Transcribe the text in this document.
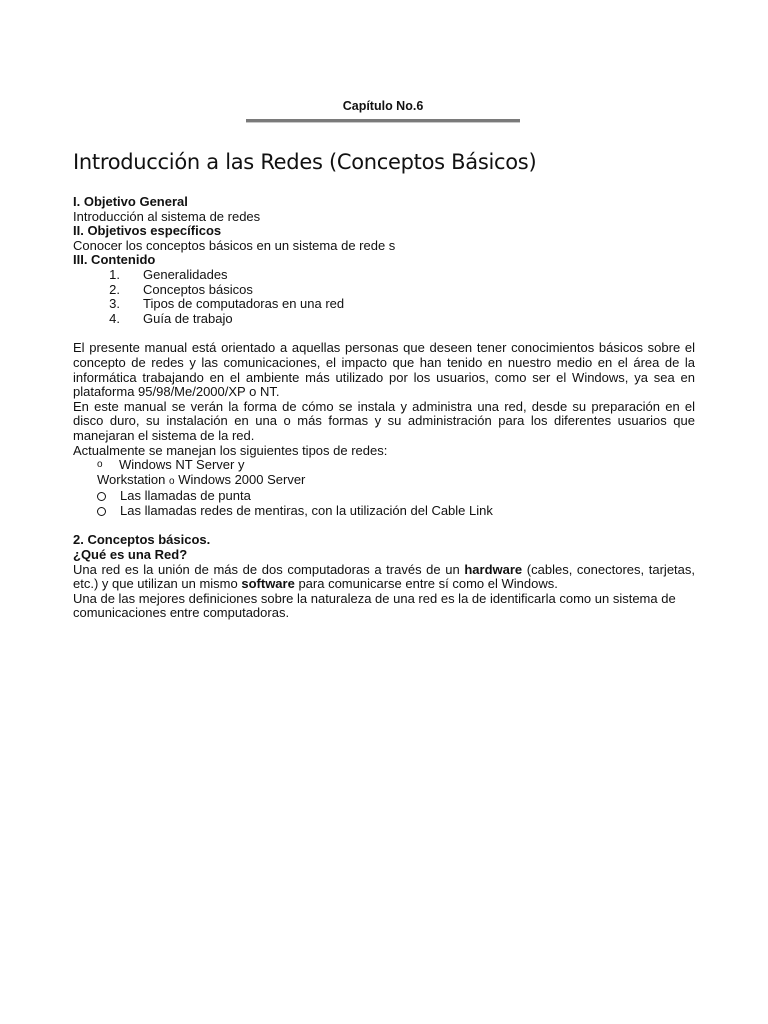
Capítulo No.6
Introducción a las Redes (Conceptos Básicos)
I. Objetivo General
Introducción al sistema de redes
II. Objetivos específicos
Conocer los conceptos básicos en un sistema de rede s
III. Contenido
1. Generalidades
2. Conceptos básicos
3. Tipos de computadoras en una red
4. Guía de trabajo

El presente manual está orientado a aquellas personas que deseen tener conocimientos básicos sobre el concepto de redes y las comunicaciones, el impacto que han tenido en nuestro medio en el área de la informática trabajando en el ambiente más utilizado por los usuarios, como ser el Windows, ya sea en plataforma 95/98/Me/2000/XP o NT.

En este manual se verán la forma de cómo se instala y administra una red, desde su preparación en el disco duro, su instalación en una o más formas y su administración para los diferentes usuarios que manejaran el sistema de la red.

Actualmente se manejan los siguientes tipos de redes:

o	Windows NT Server y
Workstation o Windows 2000 Server
Las llamadas de punta
Las llamadas redes de mentiras, con la utilización del Cable Link
2. Conceptos básicos.
¿Qué es una Red?

Una red es la unión de más de dos computadoras a través de un hardware (cables, conectores, tarjetas, etc.) y que utilizan un mismo software para comunicarse entre sí como el Windows.

Una de las mejores definiciones sobre la naturaleza de una red es la de identificarla como un sistema de comunicaciones entre computadoras.
